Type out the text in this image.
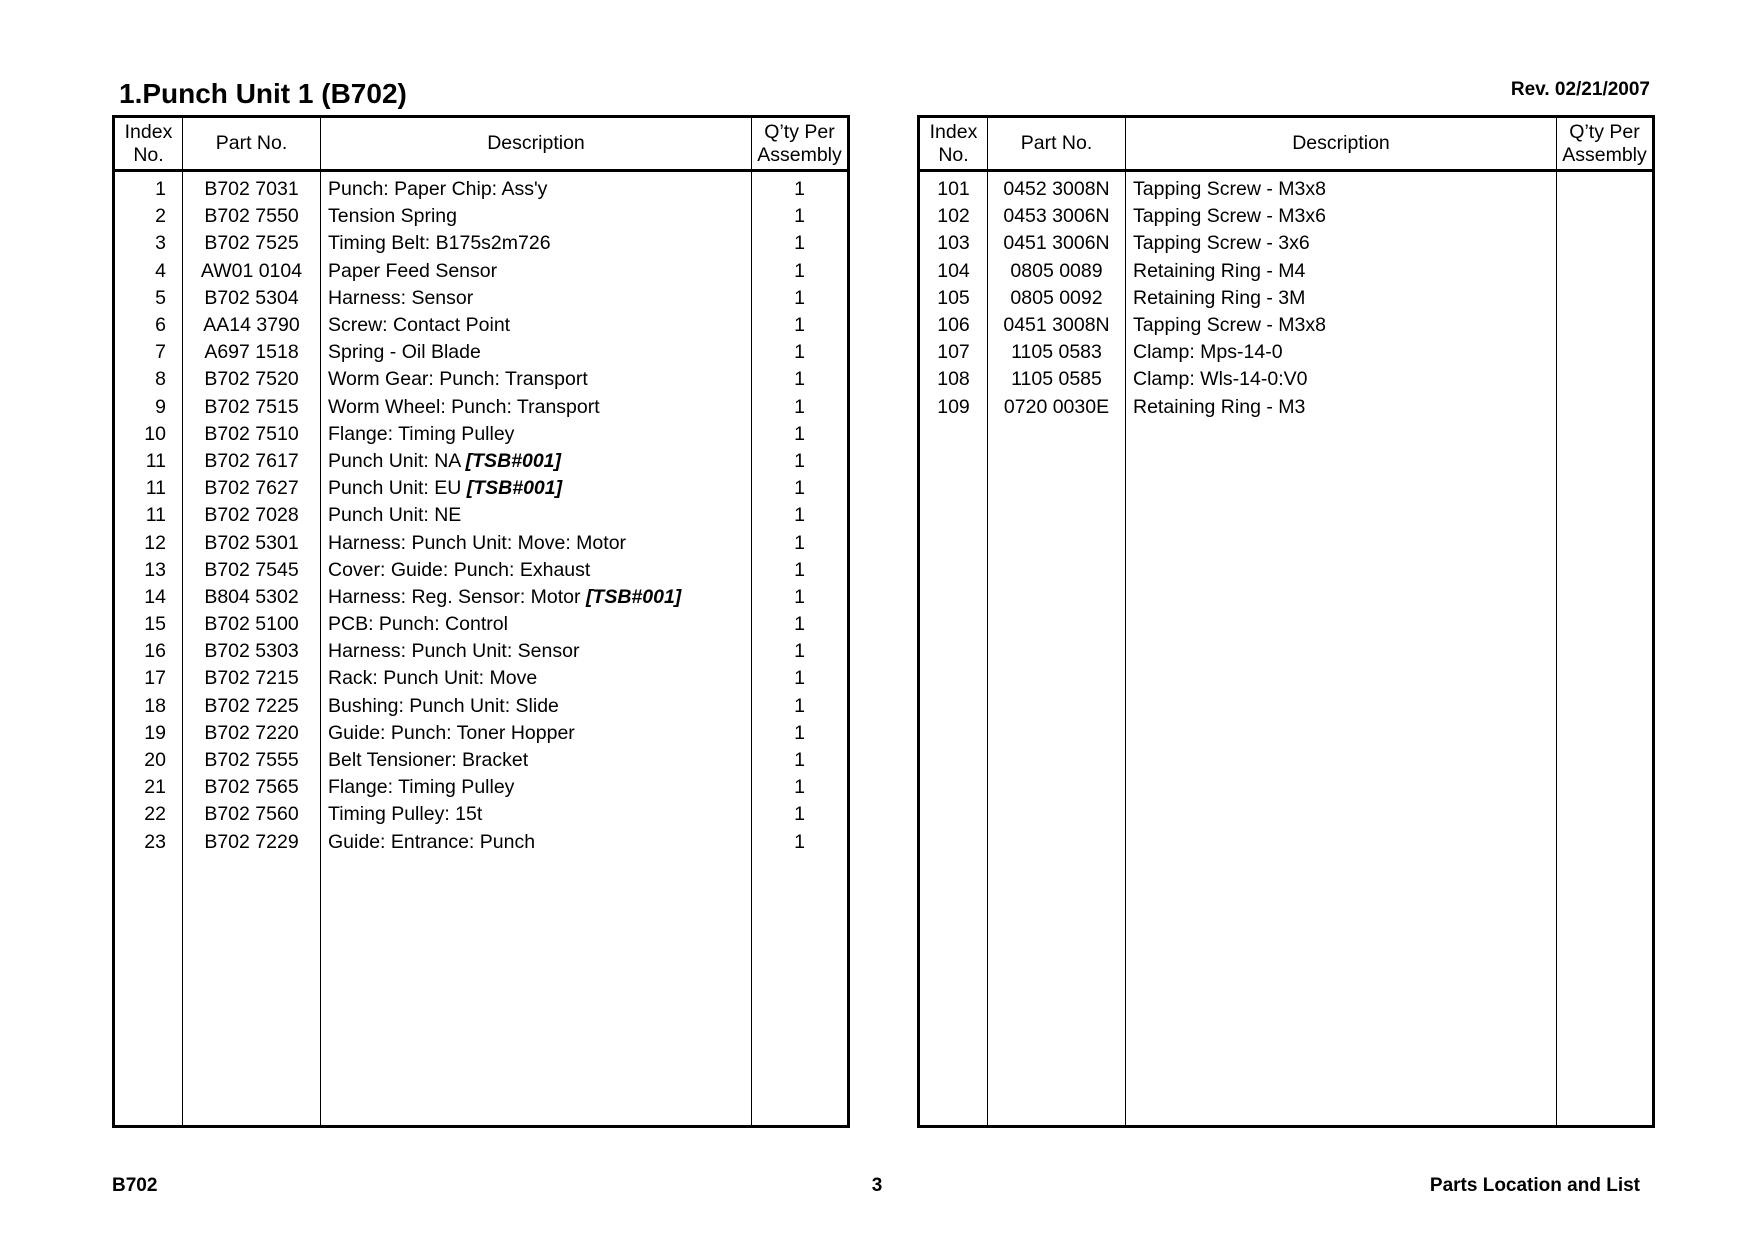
1.Punch Unit 1 (B702)	Rev. 02/21/2007
Index
No.	Part No.	Description	Q’ty Per
Assembly
1	B702 7031	Punch: Paper Chip: Ass'y	1
2	B702 7550	Tension Spring	1
3	B702 7525	Timing Belt: B175s2m726	1
4	AW01 0104	Paper Feed Sensor	1
5	B702 5304	Harness: Sensor	1
6	AA14 3790	Screw: Contact Point	1
7	A697 1518	Spring - Oil Blade	1
8	B702 7520	Worm Gear: Punch: Transport	1
9	B702 7515	Worm Wheel: Punch: Transport	1
10	B702 7510	Flange: Timing Pulley	1
11	B702 7617	Punch Unit: NA [TSB#001]	1
11	B702 7627	Punch Unit: EU [TSB#001]	1
11	B702 7028	Punch Unit: NE	1
12	B702 5301	Harness: Punch Unit: Move: Motor	1
13	B702 7545	Cover: Guide: Punch: Exhaust	1
14	B804 5302	Harness: Reg. Sensor: Motor [TSB#001]	1
15	B702 5100	PCB: Punch: Control	1
16	B702 5303	Harness: Punch Unit: Sensor	1
17	B702 7215	Rack: Punch Unit: Move	1
18	B702 7225	Bushing: Punch Unit: Slide	1
19	B702 7220	Guide: Punch: Toner Hopper	1
20	B702 7555	Belt Tensioner: Bracket	1
21	B702 7565	Flange: Timing Pulley	1
22	B702 7560	Timing Pulley: 15t	1
23	B702 7229	Guide: Entrance: Punch	1

Index
No.	Part No.	Description	Q’ty Per
Assembly
101	0452 3008N	Tapping Screw - M3x8	
102	0453 3006N	Tapping Screw - M3x6	
103	0451 3006N	Tapping Screw - 3x6	
104	0805 0089	Retaining Ring - M4	
105	0805 0092	Retaining Ring - 3M	
106	0451 3008N	Tapping Screw - M3x8	
107	1105 0583	Clamp: Mps-14-0	
108	1105 0585	Clamp: Wls-14-0:V0	
109	0720 0030E	Retaining Ring - M3	

B702	3	Parts Location and List
